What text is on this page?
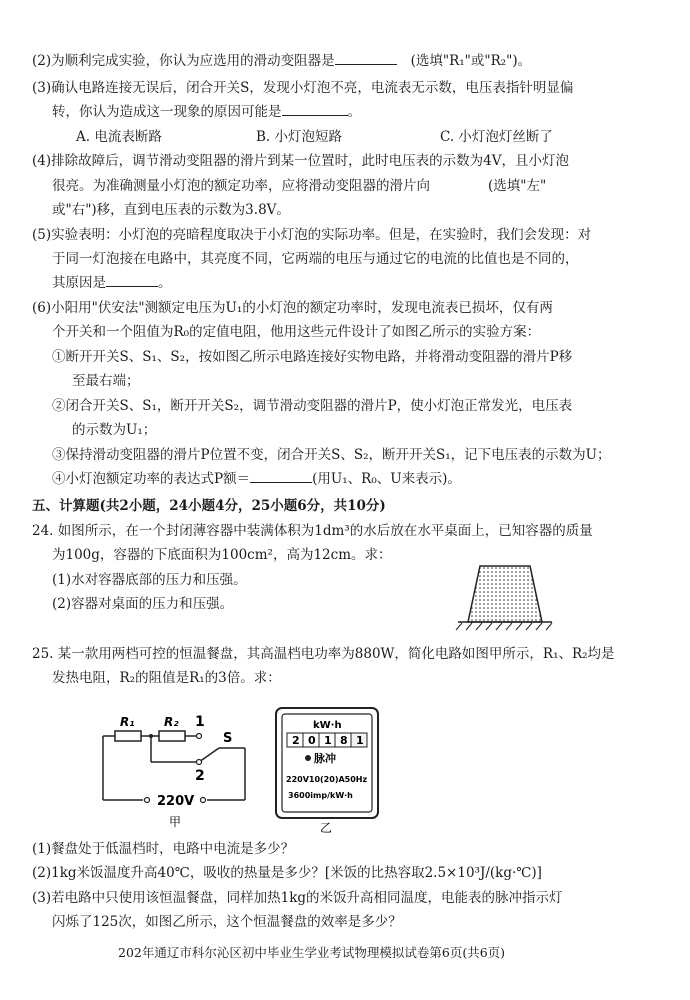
(2)为顺利完成实验，你认为应选用的滑动变阻器是	(选填"R₁"或"R₂")。
(3)确认电路连接无误后，闭合开关S，发现小灯泡不亮，电流表无示数，电压表指针明显偏
转，你认为造成这一现象的原因可能是	。
A. 电流表断路	B. 小灯泡短路	C. 小灯泡灯丝断了
(4)排除故障后，调节滑动变阻器的滑片到某一位置时，此时电压表的示数为4V，且小灯泡
很亮。为准确测量小灯泡的额定功率，应将滑动变阻器的滑片向	(选填"左"
或"右")移，直到电压表的示数为3.8V。
(5)实验表明：小灯泡的亮暗程度取决于小灯泡的实际功率。但是，在实验时，我们会发现：对
于同一灯泡接在电路中，其亮度不同，它两端的电压与通过它的电流的比值也是不同的，
其原因是	。
(6)小阳用"伏安法"测额定电压为U₁的小灯泡的额定功率时，发现电流表已损坏，仅有两
个开关和一个阻值为R₀的定值电阻，他用这些元件设计了如图乙所示的实验方案：
①断开开关S、S₁、S₂，按如图乙所示电路连接好实物电路，并将滑动变阻器的滑片P移
至最右端；
②闭合开关S、S₁，断开开关S₂，调节滑动变阻器的滑片P，使小灯泡正常发光，电压表
的示数为U₁；
③保持滑动变阻器的滑片P位置不变，闭合开关S、S₂，断开开关S₁，记下电压表的示数为U；
④小灯泡额定功率的表达式P额＝	(用U₁、R₀、U来表示)。
五、计算题(共2小题，24小题4分，25小题6分，共10分)
24. 如图所示，在一个封闭薄容器中装满体积为1dm³的水后放在水平桌面上，已知容器的质量
为100g，容器的下底面积为100cm²，高为12cm。求：
(1)水对容器底部的压力和压强。
(2)容器对桌面的压力和压强。
25. 某一款用两档可控的恒温餐盘，其高温档电功率为880W，简化电路如图甲所示，R₁、R₂均是
发热电阻，R₂的阻值是R₁的3倍。求：
R₁ R₂ 1
2
S
220V
甲
kW·h
2 0 1 8 1
脉冲
220V10(20)A50Hz
3600imp/kW·h
乙
(1)餐盘处于低温档时，电路中电流是多少？
(2)1kg米饭温度升高40℃，吸收的热量是多少？[米饭的比热容取2.5×10³J/(kg·℃)]
(3)若电路中只使用该恒温餐盘，同样加热1kg的米饭升高相同温度，电能表的脉冲指示灯
闪烁了125次，如图乙所示，这个恒温餐盘的效率是多少？
202年通辽市科尔沁区初中毕业生学业考试物理模拟试卷第6页(共6页)
